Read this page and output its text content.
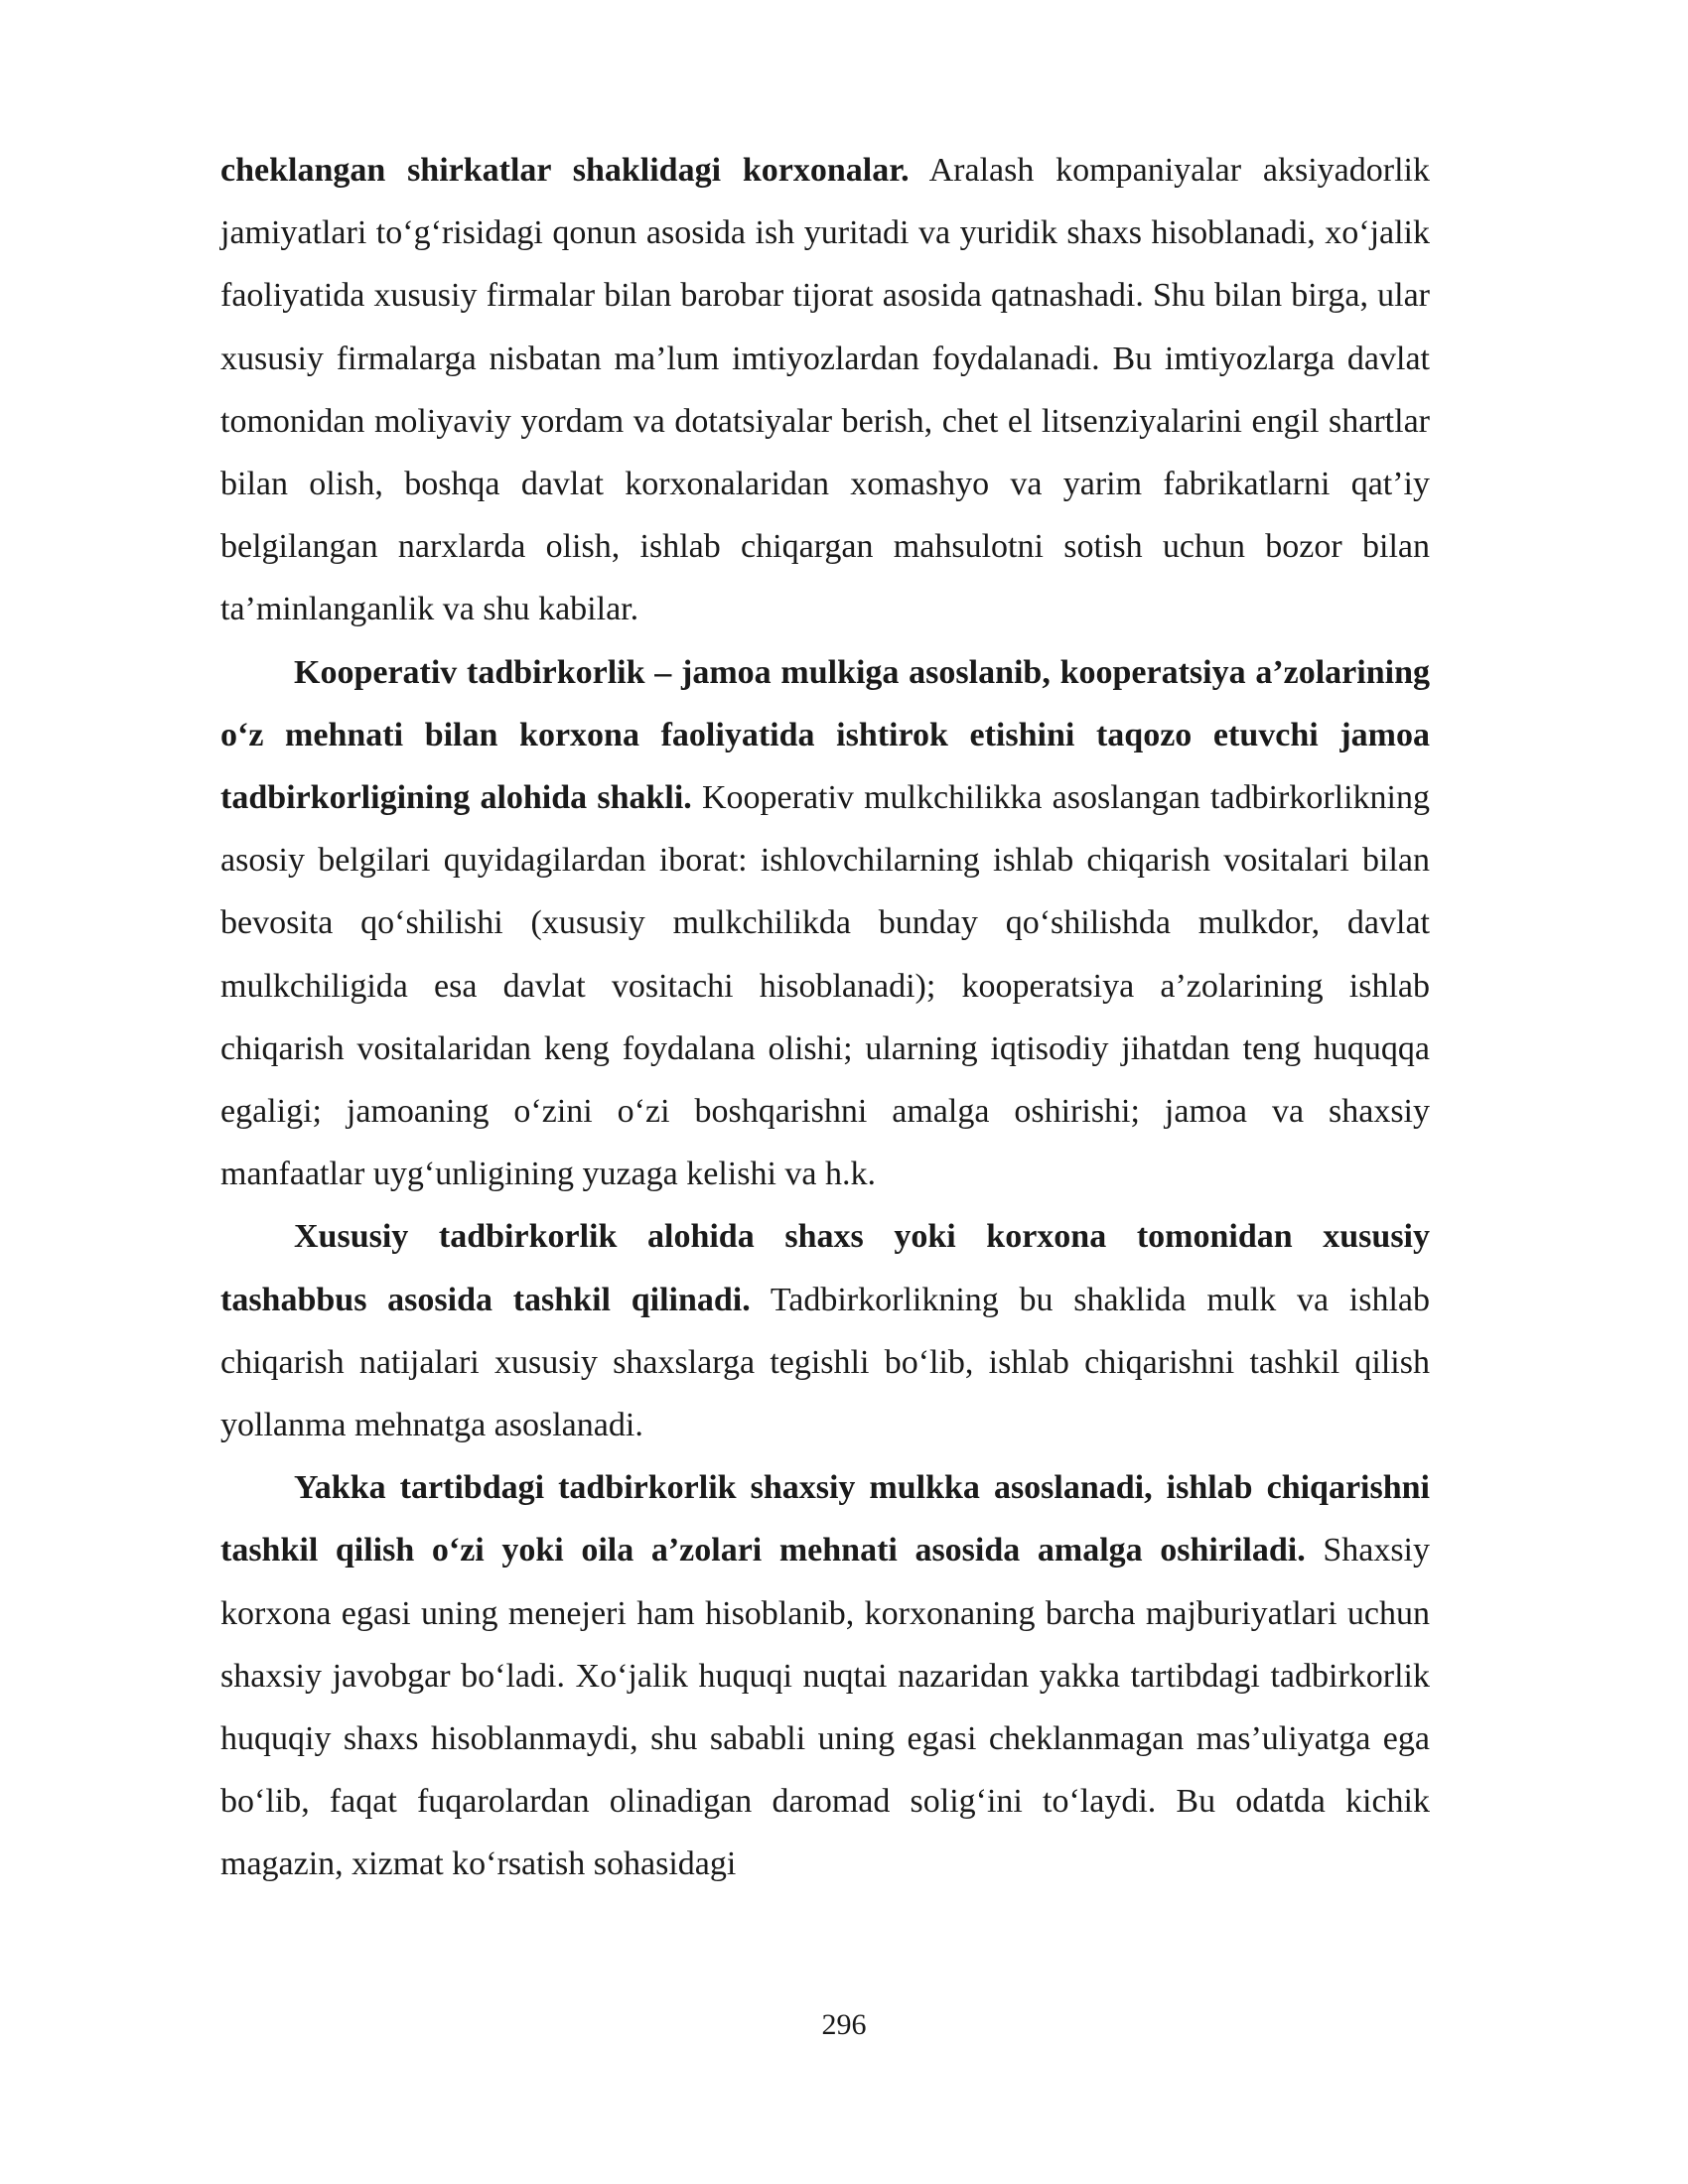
cheklangan shirkatlar shaklidagi korxonalar. Aralash kompaniyalar aksiyadorlik jamiyatlari to‘g‘risidagi qonun asosida ish yuritadi va yuridik shaxs hisoblanadi, xo‘jalik faoliyatida xususiy firmalar bilan barobar tijorat asosida qatnashadi. Shu bilan birga, ular xususiy firmalarga nisbatan ma’lum imtiyozlardan foydalanadi. Bu imtiyozlarga davlat tomonidan moliyaviy yordam va dotatsiyalar berish, chet el litsenziyalarini engil shartlar bilan olish, boshqa davlat korxonalaridan xomashyo va yarim fabrikatlarni qat’iy belgilangan narxlarda olish, ishlab chiqargan mahsulotni sotish uchun bozor bilan ta’minlanganlik va shu kabilar.

Kooperativ tadbirkorlik – jamoa mulkiga asoslanib, kooperatsiya a’zolarining o‘z mehnati bilan korxona faoliyatida ishtirok etishini taqozo etuvchi jamoa tadbirkorligining alohida shakli. Kooperativ mulkchilikka asoslangan tadbirkorlikning asosiy belgilari quyidagilardan iborat: ishlovchilarning ishlab chiqarish vositalari bilan bevosita qo‘shilishi (xususiy mulkchilikda bunday qo‘shilishda mulkdor, davlat mulkchiligida esa davlat vositachi hisoblanadi); kooperatsiya a’zolarining ishlab chiqarish vositalaridan keng foydalana olishi; ularning iqtisodiy jihatdan teng huquqqa egaligi; jamoaning o‘zini o‘zi boshqarishni amalga oshirishi; jamoa va shaxsiy manfaatlar uyg‘unligining yuzaga kelishi va h.k.

Xususiy tadbirkorlik alohida shaxs yoki korxona tomonidan xususiy tashabbus asosida tashkil qilinadi. Tadbirkorlikning bu shaklida mulk va ishlab chiqarish natijalari xususiy shaxslarga tegishli bo‘lib, ishlab chiqarishni tashkil qilish yollanma mehnatga asoslanadi.

Yakka tartibdagi tadbirkorlik shaxsiy mulkka asoslanadi, ishlab chiqarishni tashkil qilish o‘zi yoki oila a’zolari mehnati asosida amalga oshiriladi. Shaxsiy korxona egasi uning menejeri ham hisoblanib, korxonaning barcha majburiyatlari uchun shaxsiy javobgar bo‘ladi. Xo‘jalik huquqi nuqtai nazaridan yakka tartibdagi tadbirkorlik huquqiy shaxs hisoblanmaydi, shu sababli uning egasi cheklanmagan mas’uliyatga ega bo‘lib, faqat fuqarolardan olinadigan daromad solig‘ini to‘laydi. Bu odatda kichik magazin, xizmat ko‘rsatish sohasidagi

296
